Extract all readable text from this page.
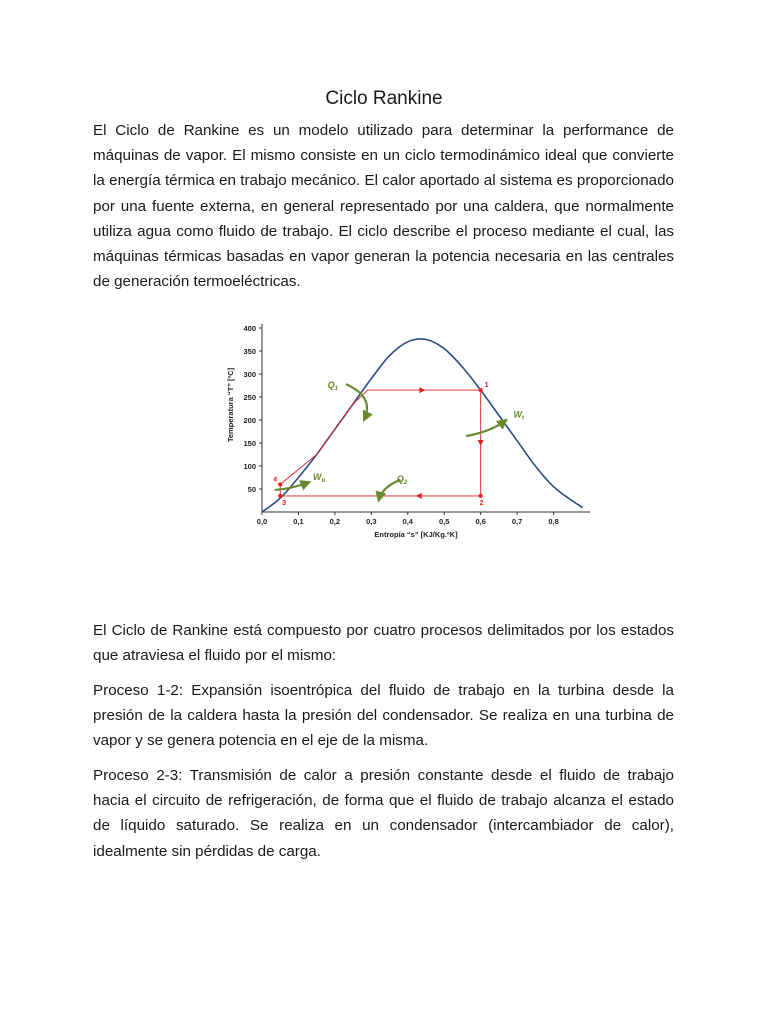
Ciclo Rankine

El Ciclo de Rankine es un modelo utilizado para determinar la performance de máquinas de vapor. El mismo consiste en un ciclo termodinámico ideal que convierte la energía térmica en trabajo mecánico. El calor aportado al sistema es proporcionado por una fuente externa, en general representado por una caldera, que normalmente utiliza agua como fluido de trabajo. El ciclo describe el proceso mediante el cual, las máquinas térmicas basadas en vapor generan la potencia necesaria en las centrales de generación termoeléctricas.

50
100
150
200
250
300
350
400
0,0	0,1	0,2	0,3	0,4	0,5	0,6	0,7	0,8
Entropía “s” [KJ/Kg.ºK]
Temperatura “T” [ºC]	1
2
3
4
$Q_1$
$W_t$
$W_b$	$Q_2$

El Ciclo de Rankine está compuesto por cuatro procesos delimitados por los estados que atraviesa el fluido por el mismo:

Proceso 1-2: Expansión isoentrópica del fluido de trabajo en la turbina desde la presión de la caldera hasta la presión del condensador. Se realiza en una turbina de vapor y se genera potencia en el eje de la misma.

Proceso 2-3: Transmisión de calor a presión constante desde el fluido de trabajo hacia el circuito de refrigeración, de forma que el fluido de trabajo alcanza el estado de líquido saturado. Se realiza en un condensador (intercambiador de calor), idealmente sin pérdidas de carga.
